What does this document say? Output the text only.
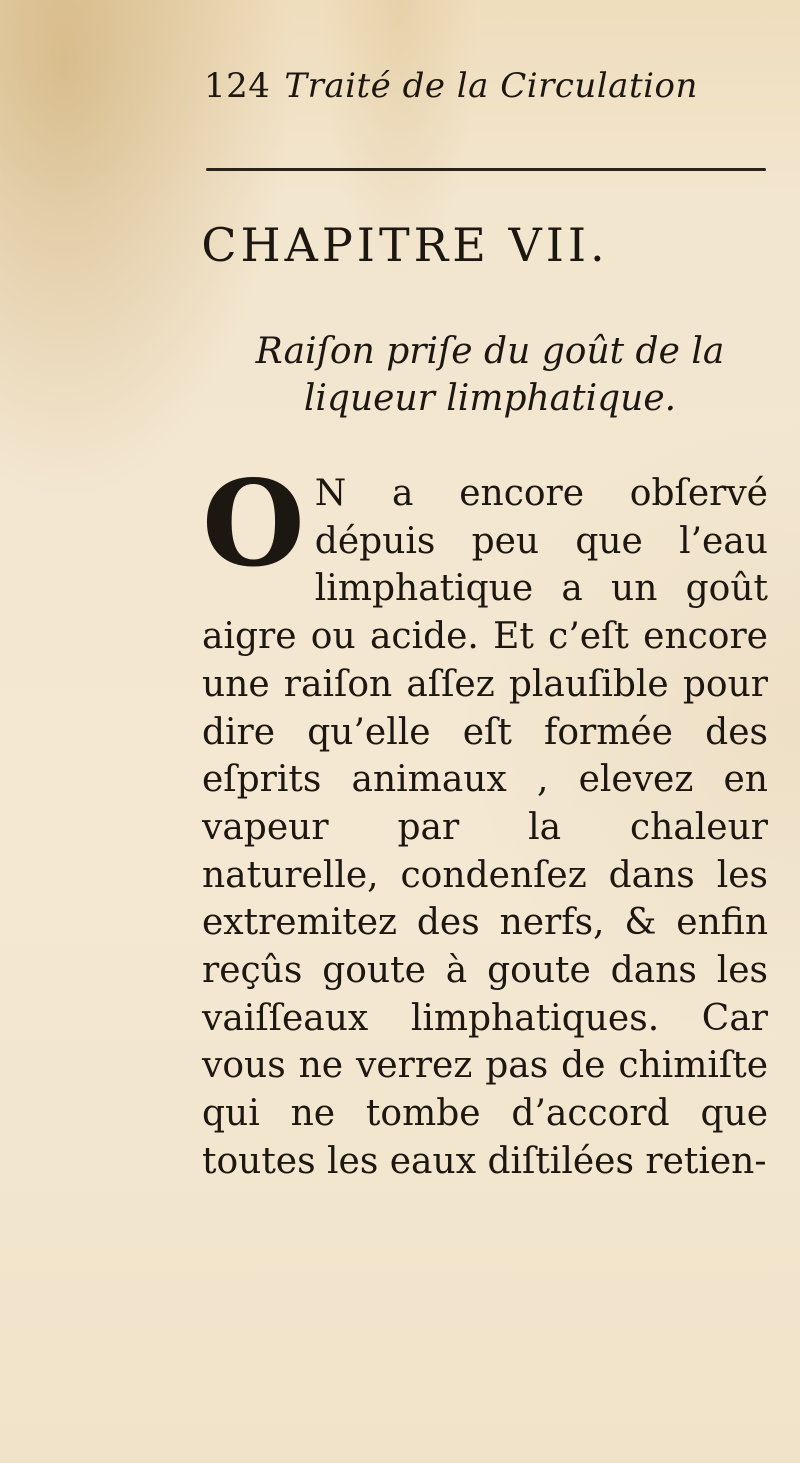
124 Traité de la Circulation
CHAPITRE VII.
Raiſon priſe du goût de la liqueur limphatique.
O N a encore obſervé dépuis peu que l’eau limphatique a un goût aigre ou acide. Et c’eſt encore une raiſon aſſez plauſible pour dire qu’elle eſt formée des eſprits animaux , elevez en vapeur par la chaleur naturelle, condenſez dans les extremitez des nerfs, & enfin reçûs goute à goute dans les vaiſſeaux limphatiques. Car vous ne verrez pas de chimiſte qui ne tombe d’accord que toutes les eaux diſtilées retien-
